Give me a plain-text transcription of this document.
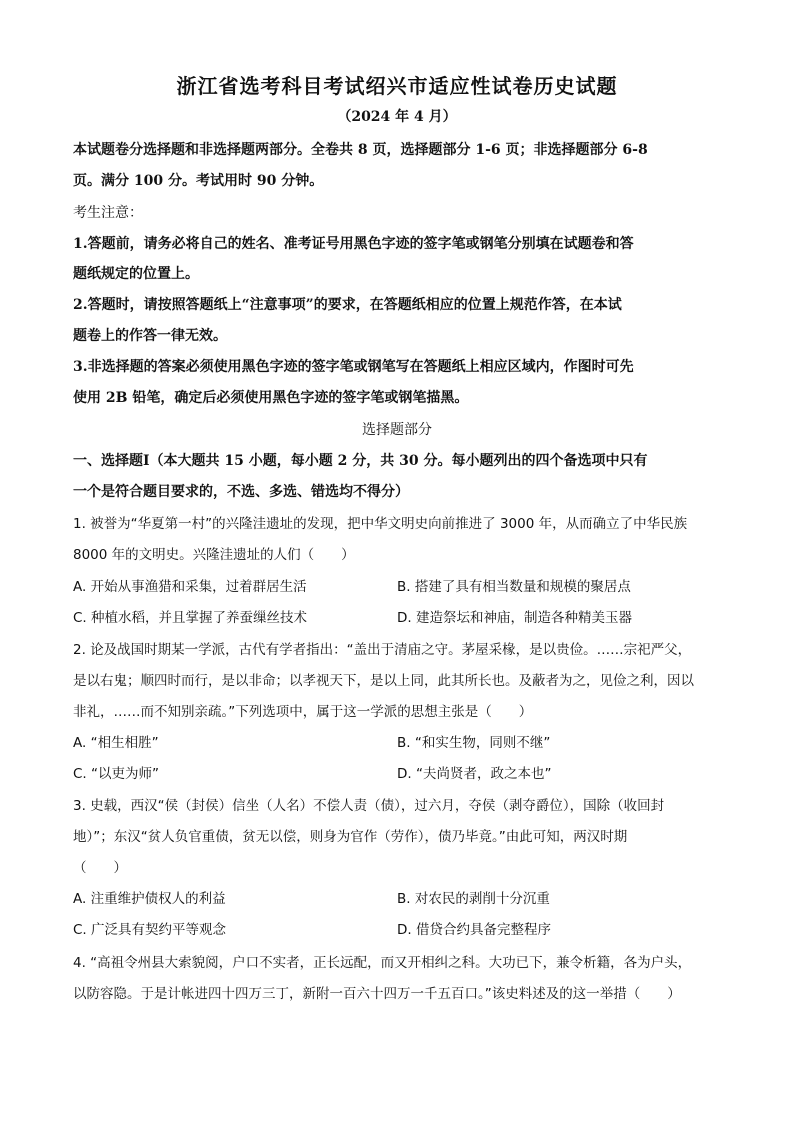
浙江省选考科目考试绍兴市适应性试卷历史试题
（2024 年 4 月）
本试题卷分选择题和非选择题两部分。全卷共 8 页，选择题部分 1-6 页；非选择题部分 6-8
页。满分 100 分。考试用时 90 分钟。
考生注意：
1.答题前，请务必将自己的姓名、准考证号用黑色字迹的签字笔或钢笔分别填在试题卷和答
题纸规定的位置上。
2.答题时，请按照答题纸上“注意事项”的要求，在答题纸相应的位置上规范作答，在本试
题卷上的作答一律无效。
3.非选择题的答案必须使用黑色字迹的签字笔或钢笔写在答题纸上相应区域内，作图时可先
使用 2B 铅笔，确定后必须使用黑色字迹的签字笔或钢笔描黑。
选择题部分
一、选择题Ⅰ（本大题共 15 小题，每小题 2 分，共 30 分。每小题列出的四个备选项中只有
一个是符合题目要求的，不选、多选、错选均不得分）
1. 被誉为“华夏第一村”的兴隆洼遗址的发现，把中华文明史向前推进了 3000 年，从而确立了中华民族
8000 年的文明史。兴隆洼遗址的人们（　　）
A. 开始从事渔猎和采集，过着群居生活	B. 搭建了具有相当数量和规模的聚居点
C. 种植水稻，并且掌握了养蚕缫丝技术	D. 建造祭坛和神庙，制造各种精美玉器
2. 论及战国时期某一学派，古代有学者指出：“盖出于清庙之守。茅屋采椽，是以贵俭。……宗祀严父，
是以右鬼；顺四时而行，是以非命；以孝视天下，是以上同，此其所长也。及蔽者为之，见俭之利，因以
非礼，……而不知别亲疏。”下列选项中，属于这一学派的思想主张是（　　）
A. “相生相胜”	B. “和实生物，同则不继”
C. “以吏为师”	D. “夫尚贤者，政之本也”
3. 史载，西汉“侯（封侯）信坐（人名）不偿人责（债），过六月，夺侯（剥夺爵位），国除（收回封
地）”；东汉“贫人负官重债，贫无以偿，则身为官作（劳作），债乃毕竟。”由此可知，两汉时期
（　　）
A. 注重维护债权人的利益	B. 对农民的剥削十分沉重
C. 广泛具有契约平等观念	D. 借贷合约具备完整程序
4. “高祖令州县大索貌阅，户口不实者，正长远配，而又开相纠之科。大功已下，兼令析籍，各为户头，
以防容隐。于是计帐进四十四万三丁，新附一百六十四万一千五百口。”该史料述及的这一举措（　　）
